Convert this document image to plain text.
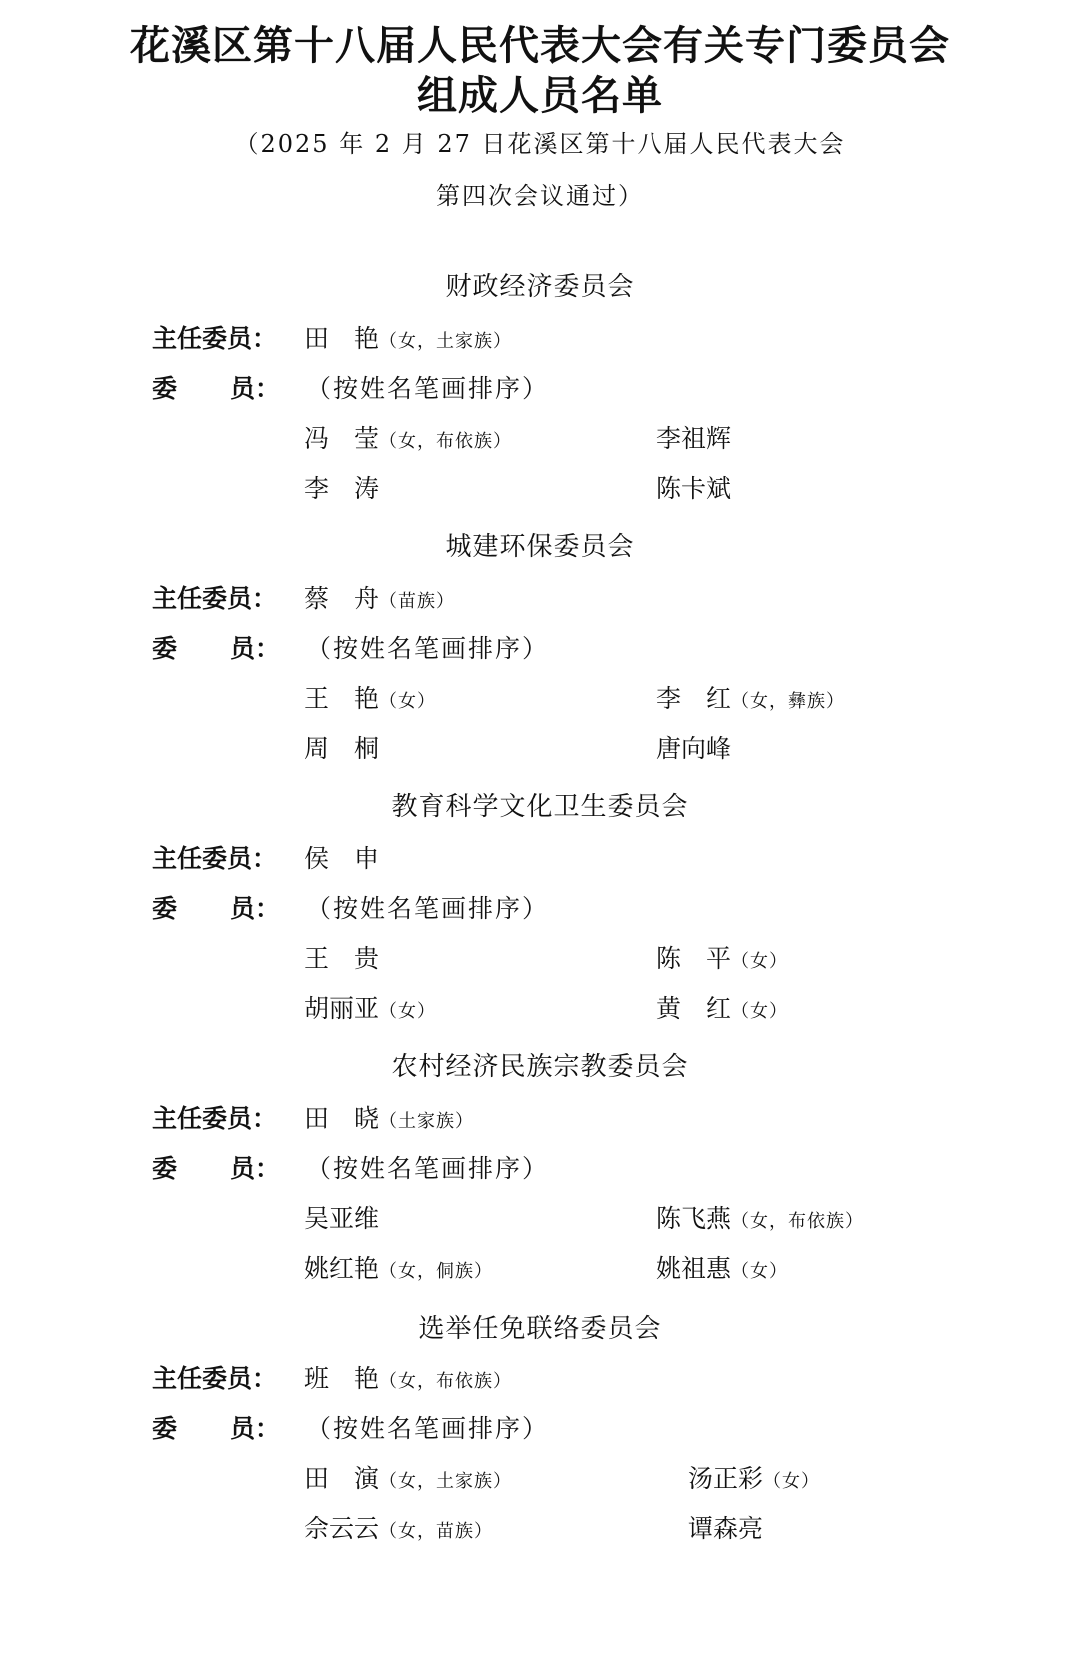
花溪区第十八届人民代表大会有关专门委员会
组成人员名单
（2025 年 2 月 27 日花溪区第十八届人民代表大会
第四次会议通过）
财政经济委员会
主任委员： 田　艳（女，土家族）
委 员： （按姓名笔画排序）
冯　莹（女，布依族）	李祖辉
李　涛	陈卡斌
城建环保委员会
主任委员： 蔡　舟（苗族）
委 员： （按姓名笔画排序）
王　艳（女）	李　红（女，彝族）
周　桐	唐向峰
教育科学文化卫生委员会
主任委员： 侯　申
委 员： （按姓名笔画排序）
王　贵	陈　平（女）
胡丽亚（女）	黄　红（女）
农村经济民族宗教委员会
主任委员： 田　晓（土家族）
委 员： （按姓名笔画排序）
吴亚维	陈飞燕（女，布依族）
姚红艳（女，侗族）	姚祖惠（女）
选举任免联络委员会
主任委员： 班　艳（女，布依族）
委 员： （按姓名笔画排序）
田　演（女，土家族）	汤正彩（女）
佘云云（女，苗族）	谭森亮
